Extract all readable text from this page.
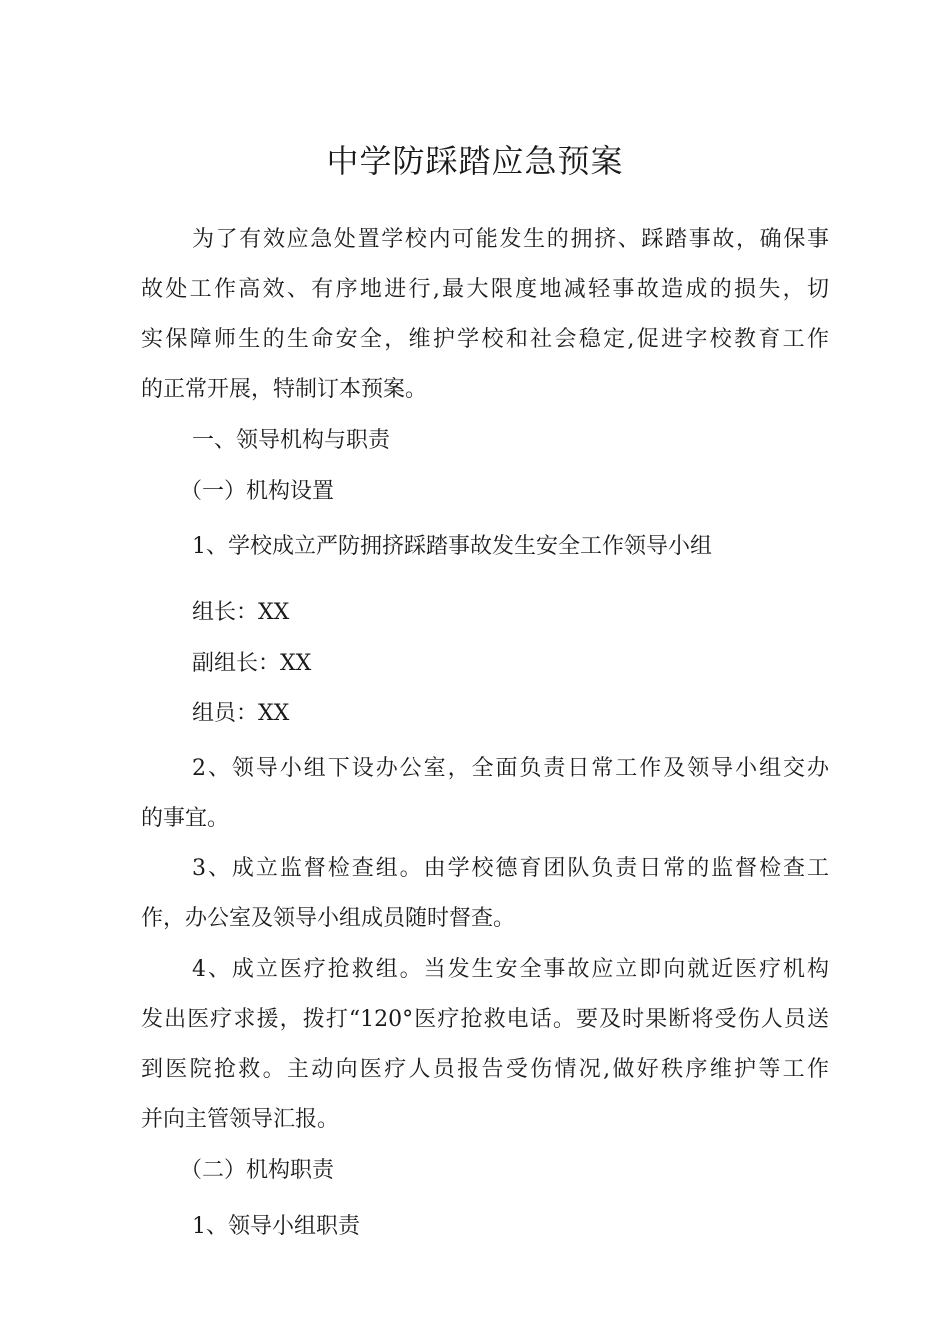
中学防踩踏应急预案
为了有效应急处置学校内可能发生的拥挤、踩踏事故，确保事
故处工作高效、有序地进行,最大限度地减轻事故造成的损失，切
实保障师生的生命安全，维护学校和社会稳定,促进字校教育工作
的正常开展，特制订本预案。
一、领导机构与职责
（一）机构设置
1、学校成立严防拥挤踩踏事故发生安全工作领导小组
组长：XX
副组长：XX
组员：XX
2、领导小组下设办公室，全面负责日常工作及领导小组交办
的事宜。
3、成立监督检查组。由学校德育团队负责日常的监督检查工
作，办公室及领导小组成员随时督查。
4、成立医疗抢救组。当发生安全事故应立即向就近医疗机构
发出医疗求援，拨打“120°医疗抢救电话。要及时果断将受伤人员送
到医院抢救。主动向医疗人员报告受伤情况,做好秩序维护等工作
并向主管领导汇报。
（二）机构职责
1、领导小组职责
